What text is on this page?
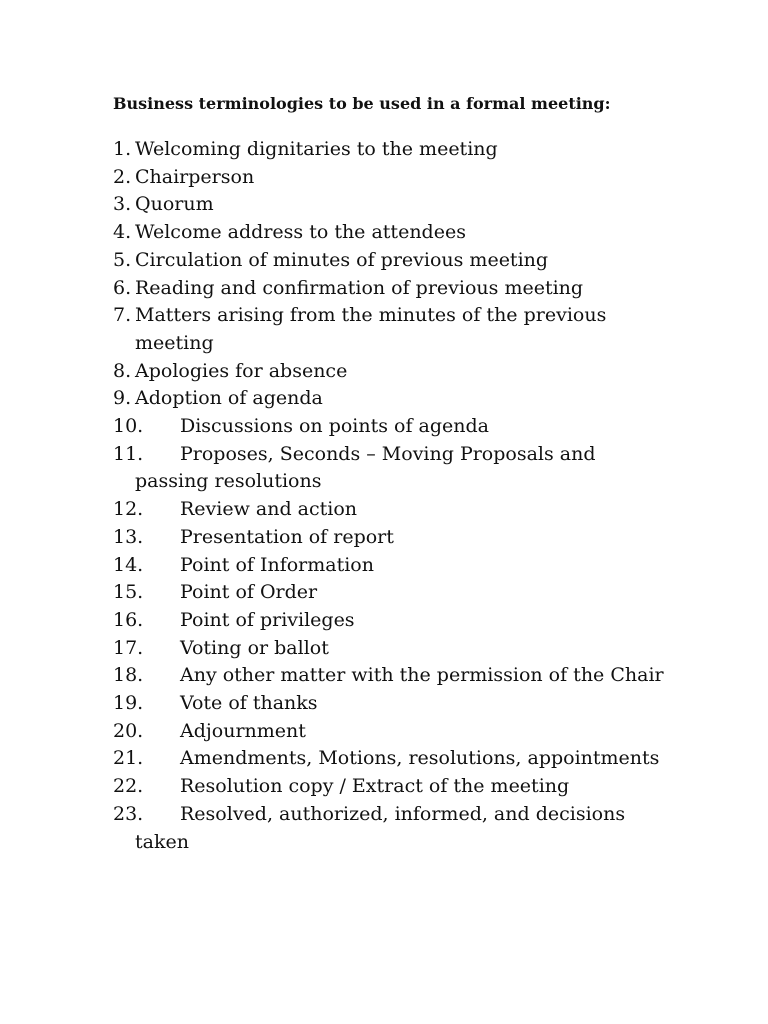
Business terminologies to be used in a formal meeting:
1. Welcoming dignitaries to the meeting
2. Chairperson
3. Quorum
4. Welcome address to the attendees
5. Circulation of minutes of previous meeting
6. Reading and confirmation of previous meeting
7. Matters arising from the minutes of the previous meeting
8. Apologies for absence
9. Adoption of agenda
10.	Discussions on points of agenda
11. Proposes, Seconds – Moving Proposals and passing resolutions
12.	Review and action
13.	Presentation of report
14.	Point of Information
15.	Point of Order
16.	Point of privileges
17.	Voting or ballot
18. Any other matter with the permission of the Chair
19.	Vote of thanks
20.	Adjournment
21. Amendments, Motions, resolutions, appointments
22.	Resolution copy / Extract of the meeting
23. Resolved, authorized, informed, and decisions taken
